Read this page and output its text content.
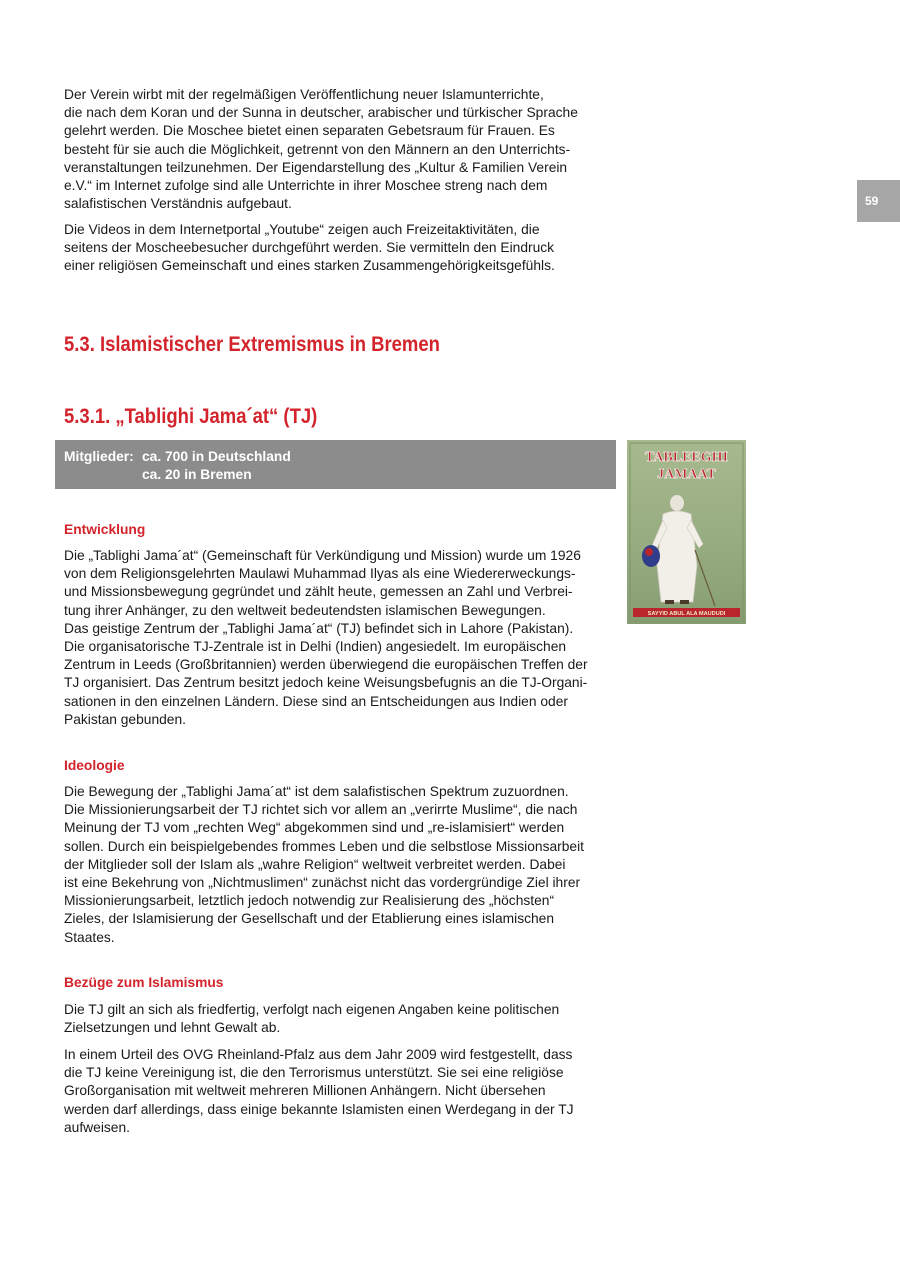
Der Verein wirbt mit der regelmäßigen Veröffentlichung neuer Islamunterrichte,
die nach dem Koran und der Sunna in deutscher, arabischer und türkischer Sprache
gelehrt werden. Die Moschee bietet einen separaten Gebetsraum für Frauen. Es
besteht für sie auch die Möglichkeit, getrennt von den Männern an den Unterrichts-
veranstaltungen teilzunehmen. Der Eigendarstellung des „Kultur & Familien Verein
e.V.“ im Internet zufolge sind alle Unterrichte in ihrer Moschee streng nach dem
salafistischen Verständnis aufgebaut.

Die Videos in dem Internetportal „Youtube“ zeigen auch Freizeitaktivitäten, die
seitens der Moscheebesucher durchgeführt werden. Sie vermitteln den Eindruck
einer religiösen Gemeinschaft und eines starken Zusammengehörigkeitsgefühls.

59
5.3. Islamistischer Extremismus in Bremen
5.3.1. „Tablighi Jama´at“ (TJ)
Mitglieder: ca. 700 in Deutschland
ca. 20 in Bremen
TABLEEGHI
JAMAAT
SAYYID ABUL ALA MAUDUDI
Entwicklung

Die „Tablighi Jama´at“ (Gemeinschaft für Verkündigung und Mission) wurde um 1926
von dem Religionsgelehrten Maulawi Muhammad Ilyas als eine Wiedererweckungs-
und Missionsbewegung gegründet und zählt heute, gemessen an Zahl und Verbrei-
tung ihrer Anhänger, zu den weltweit bedeutendsten islamischen Bewegungen.
Das geistige Zentrum der „Tablighi Jama´at“ (TJ) befindet sich in Lahore (Pakistan).
Die organisatorische TJ-Zentrale ist in Delhi (Indien) angesiedelt. Im europäischen
Zentrum in Leeds (Großbritannien) werden überwiegend die europäischen Treffen der
TJ organisiert. Das Zentrum besitzt jedoch keine Weisungsbefugnis an die TJ-Organi-
sationen in den einzelnen Ländern. Diese sind an Entscheidungen aus Indien oder
Pakistan gebunden.

Ideologie

Die Bewegung der „Tablighi Jama´at“ ist dem salafistischen Spektrum zuzuordnen.
Die Missionierungsarbeit der TJ richtet sich vor allem an „verirrte Muslime“, die nach
Meinung der TJ vom „rechten Weg“ abgekommen sind und „re-islamisiert“ werden
sollen. Durch ein beispielgebendes frommes Leben und die selbstlose Missionsarbeit
der Mitglieder soll der Islam als „wahre Religion“ weltweit verbreitet werden. Dabei
ist eine Bekehrung von „Nichtmuslimen“ zunächst nicht das vordergründige Ziel ihrer
Missionierungsarbeit, letztlich jedoch notwendig zur Realisierung des „höchsten“
Zieles, der Islamisierung der Gesellschaft und der Etablierung eines islamischen
Staates.

Bezüge zum Islamismus

Die TJ gilt an sich als friedfertig, verfolgt nach eigenen Angaben keine politischen
Zielsetzungen und lehnt Gewalt ab.

In einem Urteil des OVG Rheinland-Pfalz aus dem Jahr 2009 wird festgestellt, dass
die TJ keine Vereinigung ist, die den Terrorismus unterstützt. Sie sei eine religiöse
Großorganisation mit weltweit mehreren Millionen Anhängern. Nicht übersehen
werden darf allerdings, dass einige bekannte Islamisten einen Werdegang in der TJ
aufweisen.
